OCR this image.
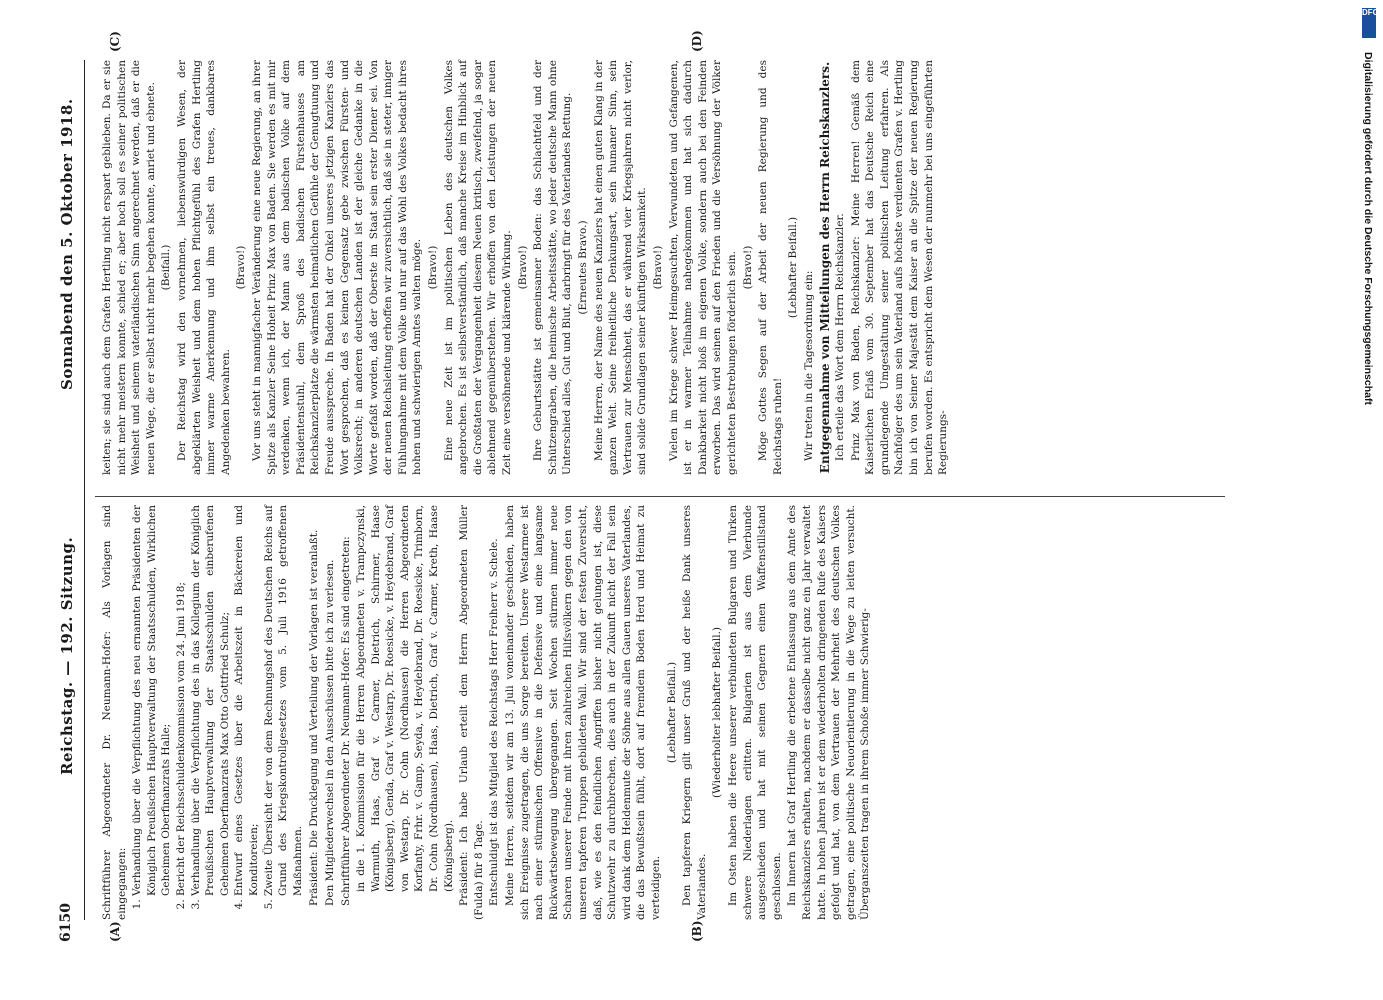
6150
Reichstag. — 192. Sitzung.
Sonnabend den 5. Oktober 1918.
(A)	(B)
(C)	(D)

Schriftführer Abgeordneter Dr. Neumann-Hofer: Als Vorlagen sind eingegangen: 1. Verhandlung über die Verpflichtung des neu ernannten Präsidenten der Königlich Preußischen Hauptverwaltung der Staatsschulden, Wirklichen Geheimen Oberfinanzrats Halle; 2. Bericht der Reichsschuldenkommission vom 24. Juni 1918; 3. Verhandlung über die Verpflichtung des in das Kollegium der Königlich Preußischen Hauptverwaltung der Staatsschulden einberufenen Geheimen Oberfinanzrats Max Otto Gottfried Schulz; 4. Entwurf eines Gesetzes über die Arbeitszeit in Bäckereien und Konditoreien; 5. Zweite Übersicht der von dem Rechnungshof des Deutschen Reichs auf Grund des Kriegskontrollgesetzes vom 5. Juli 1916 getroffenen Maßnahmen. Präsident: Die Drucklegung und Verteilung der Vorlagen ist veranlaßt. Den Mitgliederwechsel in den Ausschüssen bitte ich zu verlesen. Schriftführer Abgeordneter Dr. Neumann-Hofer: Es sind eingetreten: in die 1. Kommission für die Herren Abgeordneten v. Trampczynski, Warmuth, Haas, Graf v. Carmer, Dietrich, Schirmer, Haase (Königsberg), Genda, Graf v. Westarp, Dr. Roesicke, v. Heydebrand, Graf von Westarp, Dr. Cohn (Nordhausen) die Herren Abgeordneten Korfanty, Frhr. v. Gamp, Seyda, v. Heydebrand, Dr. Roesicke, Trimborn, Dr. Cohn (Nordhausen), Haas, Dietrich, Graf v. Carmer, Kreth, Haase (Königsberg). Präsident: Ich habe Urlaub erteilt dem Herrn Abgeordneten Müller (Fulda) für 8 Tage. Entschuldigt ist das Mitglied des Reichstags Herr Freiherr v. Schele. Meine Herren, seitdem wir am 13. Juli voneinander geschieden, haben sich Ereignisse zugetragen, die uns Sorge bereiten. Unsere Westarmee ist nach einer stürmischen Offensive in die Defensive und eine langsame Rückwärtsbewegung übergegangen. Seit Wochen stürmen immer neue Scharen unserer Feinde mit ihren zahlreichen Hilfsvölkern gegen den von unseren tapferen Truppen gebildeten Wall. Wir sind der festen Zuversicht, daß, wie es den feindlichen Angriffen bisher nicht gelungen ist, diese Schutzwehr zu durchbrechen, dies auch in der Zukunft nicht der Fall sein wird dank dem Heldenmute der Söhne aus allen Gauen unseres Vaterlandes, die das Bewußtsein fühlt, dort auf fremdem Boden Herd und Heimat zu verteidigen.

(Lebhafter Beifall.) Den tapferen Kriegern gilt unser Gruß und der heiße Dank unseres Vaterlandes.

(Wiederholter lebhafter Beifall.) Im Osten haben die Heere unserer verbündeten Bulgaren und Türken schwere Niederlagen erlitten. Bulgarien ist aus dem Vierbunde ausgeschieden und hat mit seinen Gegnern einen Waffenstillstand geschlossen. Im Innern hat Graf Hertling die erbetene Entlassung aus dem Amte des Reichskanzlers erhalten, nachdem er dasselbe nicht ganz ein Jahr verwaltet hatte. In hohen Jahren ist er dem wiederholten dringenden Rufe des Kaisers gefolgt und hat, von dem Vertrauen der Mehrheit des deutschen Volkes getragen, eine politische Neuorientierung in die Wege zu leiten versucht. Überganszeiten tragen in ihrem Schoße immer Schwierig-

keiten; sie sind auch dem Grafen Hertling nicht erspart geblieben. Da er sie nicht mehr meistern konnte, schied er; aber hoch soll es seiner politischen Weisheit und seinem vaterländischen Sinn angerechnet werden, daß er die neuen Wege, die er selbst nicht mehr begehen konnte, anriet und ebnete. (Beifall.) Der Reichstag wird den vornehmen, liebenswürdigen Wesen, der abgeklärten Weisheit und dem hohen Pflichtgefühl des Grafen Hertling immer warme Anerkennung und ihm selbst ein treues, dankbares Angedenken bewahren.

(Bravo!) Vor uns steht in mannigfacher Veränderung eine neue Regierung, an ihrer Spitze als Kanzler Seine Hoheit Prinz Max von Baden. Sie werden es mit mir verdenken, wenn ich, der Mann aus dem badischen Volke auf dem Präsidentenstuhl, dem Sproß des badischen Fürstenhauses am Reichskanzlerplatze die wärmsten heimatlichen Gefühle der Genugtuung und Freude ausspreche. In Baden hat der Onkel unseres jetzigen Kanzlers das Wort gesprochen, daß es keinen Gegensatz gebe zwischen Fürsten- und Volksrecht; in anderen deutschen Landen ist der gleiche Gedanke in die Worte gefaßt worden, daß der Oberste im Staat sein erster Diener sei. Von der neuen Reichsleitung erhoffen wir zuversichtlich, daß sie in steter, inniger Fühlungnahme mit dem Volke und nur auf das Wohl des Volkes bedacht ihres hohen und schwierigen Amtes walten möge. (Bravo!) Eine neue Zeit ist im politischen Leben des deutschen Volkes angebrochen. Es ist selbstverständlich, daß manche Kreise im Hinblick auf die Großtaten der Vergangenheit diesem Neuen kritisch, zweifelnd, ja sogar ablehnend gegenüberstehen. Wir erhoffen von den Leistungen der neuen Zeit eine versöhnende und klärende Wirkung. (Bravo!) Ihre Geburtsstätte ist gemeinsamer Boden: das Schlachtfeld und der Schützengraben, die heimische Arbeitsstätte, wo jeder deutsche Mann ohne Unterschied alles, Gut und Blut, darbringt für des Vaterlandes Rettung. (Erneutes Bravo.) Meine Herren, der Name des neuen Kanzlers hat einen guten Klang in der ganzen Welt. Seine freiheitliche Denkungsart, sein humaner Sinn, sein Vertrauen zur Menschheit, das er während vier Kriegsjahren nicht verlor, sind solide Grundlagen seiner künftigen Wirksamkeit. (Bravo!) Vielen im Kriege schwer Heimgesuchten, Verwundeten und Gefangenen, ist er in warmer Teilnahme nahegekommen und hat sich dadurch Dankbarkeit nicht bloß im eigenen Volke, sondern auch bei den Feinden erworben. Das wird seinen auf den Frieden und die Versöhnung der Völker gerichteten Bestrebungen förderlich sein. (Bravo!) Möge Gottes Segen auf der Arbeit der neuen Regierung und des Reichstags ruhen!

(Lebhafter Beifall.)

Wir treten in die Tagesordnung ein: Entgegennahme von Mitteilungen des Herrn Reichskanzlers. Ich erteile das Wort dem Herrn Reichskanzler. Prinz Max von Baden, Reichskanzler: Meine Herren! Gemäß dem Kaiserlichen Erlaß vom 30. September hat das Deutsche Reich eine grundlegende Umgestaltung seiner politischen Leitung erfahren. Als Nachfolger des um sein Vaterland aufs höchste verdienten Grafen v. Hertling bin ich von Seiner Majestät dem Kaiser an die Spitze der neuen Regierung berufen worden. Es entspricht dem Wesen der nunmehr bei uns eingeführten Regierungs-

DFG
Digitalisierung gefördert durch die Deutsche Forschungsgemeinschaft
